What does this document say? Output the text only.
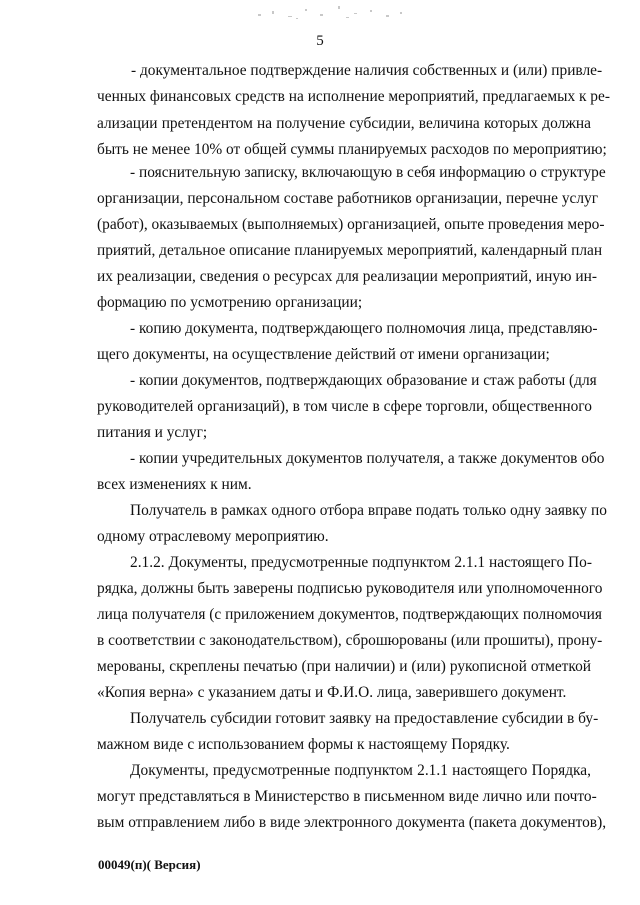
5
- документальное подтверждение наличия собственных и (или) привле-
ченных финансовых средств на исполнение мероприятий, предлагаемых к ре-
ализации претендентом на получение субсидии, величина которых должна
быть не менее 10% от общей суммы планируемых расходов по мероприятию;
- пояснительную записку, включающую в себя информацию о структуре
организации, персональном составе работников организации, перечне услуг
(работ), оказываемых (выполняемых) организацией, опыте проведения меро-
приятий, детальное описание планируемых мероприятий, календарный план
их реализации, сведения о ресурсах для реализации мероприятий, иную ин-
формацию по усмотрению организации;
- копию документа, подтверждающего полномочия лица, представляю-
щего документы, на осуществление действий от имени организации;
- копии документов, подтверждающих образование и стаж работы (для
руководителей организаций), в том числе в сфере торговли, общественного
питания и услуг;
- копии учредительных документов получателя, а также документов обо
всех изменениях к ним.
Получатель в рамках одного отбора вправе подать только одну заявку по
одному отраслевому мероприятию.
2.1.2. Документы, предусмотренные подпунктом 2.1.1 настоящего По-
рядка, должны быть заверены подписью руководителя или уполномоченного
лица получателя (с приложением документов, подтверждающих полномочия
в соответствии с законодательством), сброшюрованы (или прошиты), прону-
мерованы, скреплены печатью (при наличии) и (или) рукописной отметкой
«Копия верна» с указанием даты и Ф.И.О. лица, заверившего документ.
Получатель субсидии готовит заявку на предоставление субсидии в бу-
мажном виде с использованием формы к настоящему Порядку.
Документы, предусмотренные подпунктом 2.1.1 настоящего Порядка,
могут представляться в Министерство в письменном виде лично или почто-
вым отправлением либо в виде электронного документа (пакета документов),
00049(п)( Версия)
